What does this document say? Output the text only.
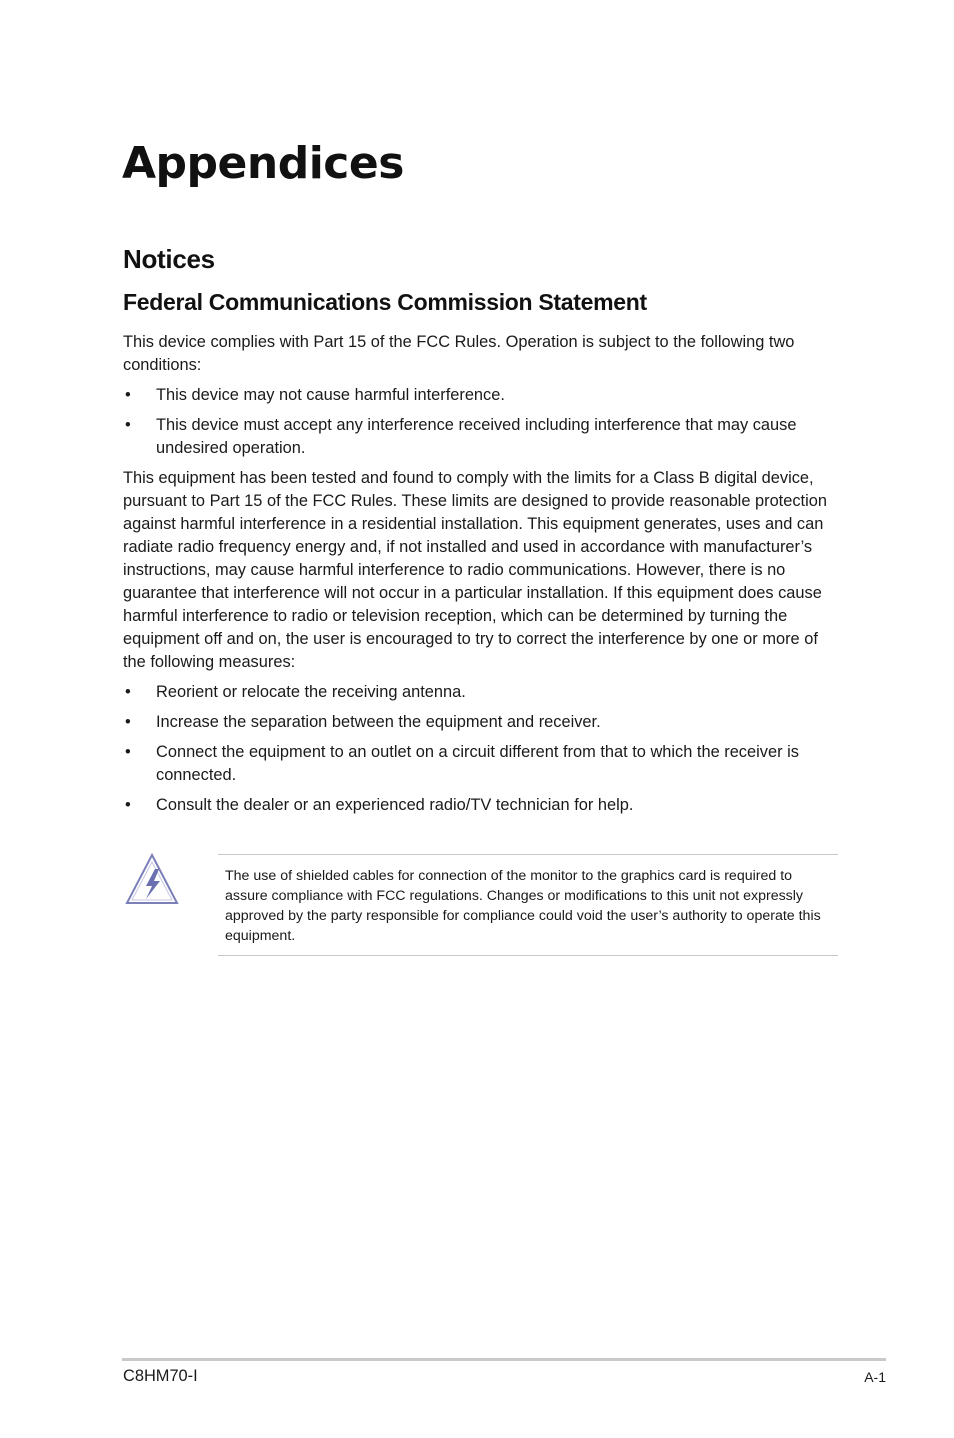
Appendices
Notices
Federal Communications Commission Statement

This device complies with Part 15 of the FCC Rules. Operation is subject to the following two conditions:

• This device may not cause harmful interference.
• This device must accept any interference received including interference that may cause undesired operation.

This equipment has been tested and found to comply with the limits for a Class B digital device, pursuant to Part 15 of the FCC Rules. These limits are designed to provide reasonable protection against harmful interference in a residential installation. This equipment generates, uses and can radiate radio frequency energy and, if not installed and used in accordance with manufacturer’s instructions, may cause harmful interference to radio communications. However, there is no guarantee that interference will not occur in a particular installation. If this equipment does cause harmful interference to radio or television reception, which can be determined by turning the equipment off and on, the user is encouraged to try to correct the interference by one or more of the following measures:

• Reorient or relocate the receiving antenna.
• Increase the separation between the equipment and receiver.
• Connect the equipment to an outlet on a circuit different from that to which the receiver is connected.
• Consult the dealer or an experienced radio/TV technician for help.

The use of shielded cables for connection of the monitor to the graphics card is required to assure compliance with FCC regulations. Changes or modifications to this unit not expressly approved by the party responsible for compliance could void the user’s authority to operate this equipment.

C8HM70-I	A-1
